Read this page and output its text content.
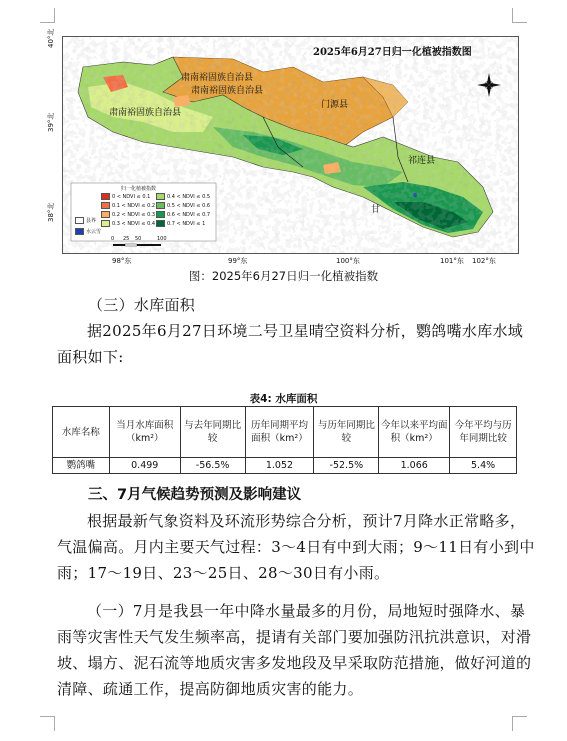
2025年6月27日归一化植被指数图
肃南裕固族自治县
肃南裕固族自治县
肃南裕固族自治县
祁连县
门源县
甘
归一化植被指数
县界
水云雪
0 25 50	100
0 < NDVI ≤ 0.1
0.1 < NDVI ≤ 0.2
0.2 < NDVI ≤ 0.3
0.3 < NDVI ≤ 0.4
0.4 < NDVI ≤ 0.5
0.5 < NDVI ≤ 0.6
0.6 < NDVI ≤ 0.7
0.7 < NDVI ≤ 1
40°北
39°北
38°北
98°东	99°东	100°东	101°东 102°东
图：2025年6月27日归一化植被指数
（三）水库面积
据2025年6月27日环境二号卫星晴空资料分析，鹦鸽嘴水库水域面积如下:
表4: 水库面积
水库名称	当月水库面积（km²）	与去年同期比较	历年同期平均面积（km²）	与历年同期比较	今年以来平均面积（km²）	今年平均与历年同期比较
鹦鸽嘴	0.499	-56.5%	1.052	-52.5%	1.066	5.4%
三、7月气候趋势预测及影响建议
根据最新气象资料及环流形势综合分析，预计7月降水正常略多，气温偏高。月内主要天气过程：3～4日有中到大雨；9～11日有小到中雨；17～19日、23～25日、28～30日有小雨。
（一）7月是我县一年中降水量最多的月份，局地短时强降水、暴雨等灾害性天气发生频率高，提请有关部门要加强防汛抗洪意识，对滑坡、塌方、泥石流等地质灾害多发地段及早采取防范措施，做好河道的清障、疏通工作，提高防御地质灾害的能力。
